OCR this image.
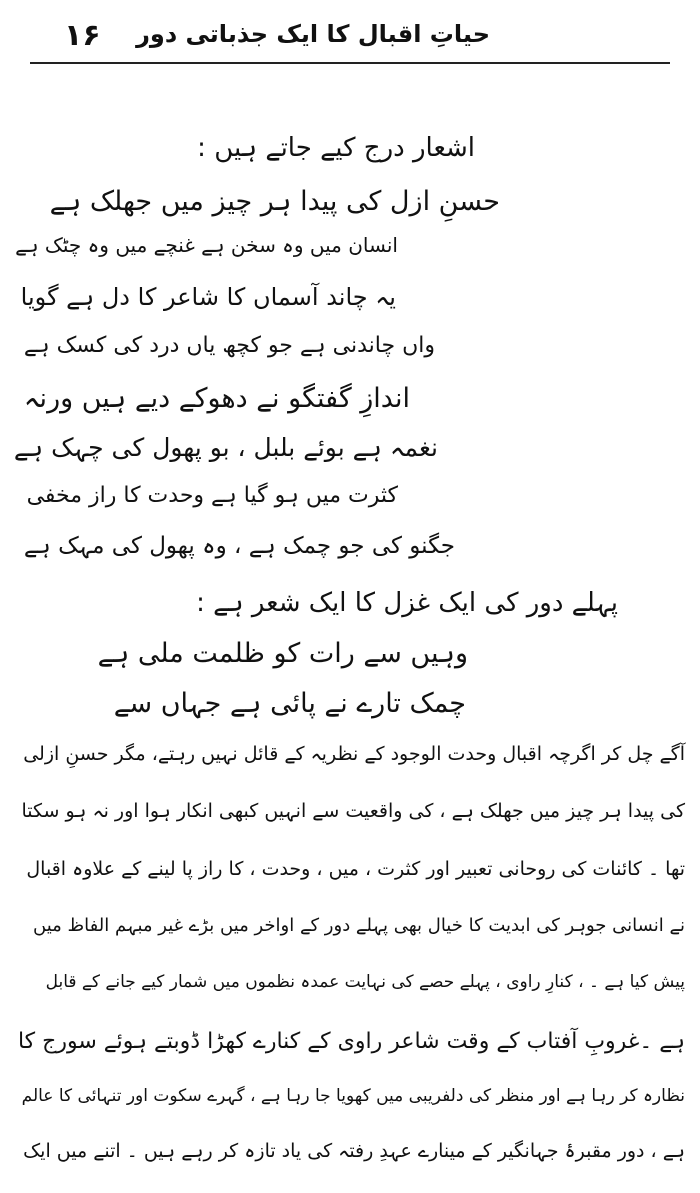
۱۶ حیاتِ اقبال کا ایک جذباتی دور
اشعار درج کیے جاتے ہیں :
حسنِ ازل کی پیدا ہر چیز میں جھلک ہے
انسان میں وہ سخن ہے غنچے میں وہ چٹک ہے
یہ چاند آسماں کا شاعر کا دل ہے گویا
واں چاندنی ہے جو کچھ یاں درد کی کسک ہے
اندازِ گفتگو نے دھوکے دیے ہیں ورنہ
نغمہ ہے بوئے بلبل ، بو پھول کی چہک ہے
کثرت میں ہو گیا ہے وحدت کا راز مخفی
جگنو کی جو چمک ہے ، وہ پھول کی مہک ہے
پہلے دور کی ایک غزل کا ایک شعر ہے :
وہیں سے رات کو ظلمت ملی ہے
چمک تارے نے پائی ہے جہاں سے
آگے چل کر اگرچہ اقبال وحدت الوجود کے نظریہ کے قائل نہیں رہتے، مگر حسنِ ازلی
کی پیدا ہر چیز میں جھلک ہے ، کی واقعیت سے انہیں کبھی انکار ہوا اور نہ ہو سکتا
تھا ۔ کائنات کی روحانی تعبیر اور کثرت ، میں ، وحدت ، کا راز پا لینے کے علاوہ اقبال
نے انسانی جوہر کی ابدیت کا خیال بھی پہلے دور کے اواخر میں بڑے غیر مبہم الفاظ میں
پیش کیا ہے ۔ ، کنارِ راوی ، پہلے حصے کی نہایت عمدہ نظموں میں شمار کیے جانے کے قابل
ہے ۔غروبِ آفتاب کے وقت شاعر راوی کے کنارے کھڑا ڈوبتے ہوئے سورج کا
نظارہ کر رہا ہے اور منظر کی دلفریبی میں کھویا جا رہا ہے ، گہرے سکوت اور تنہائی کا عالم
ہے ، دور مقبرۂ جہانگیر کے مینارے عہدِ رفتہ کی یاد تازہ کر رہے ہیں ۔ اتنے میں ایک
